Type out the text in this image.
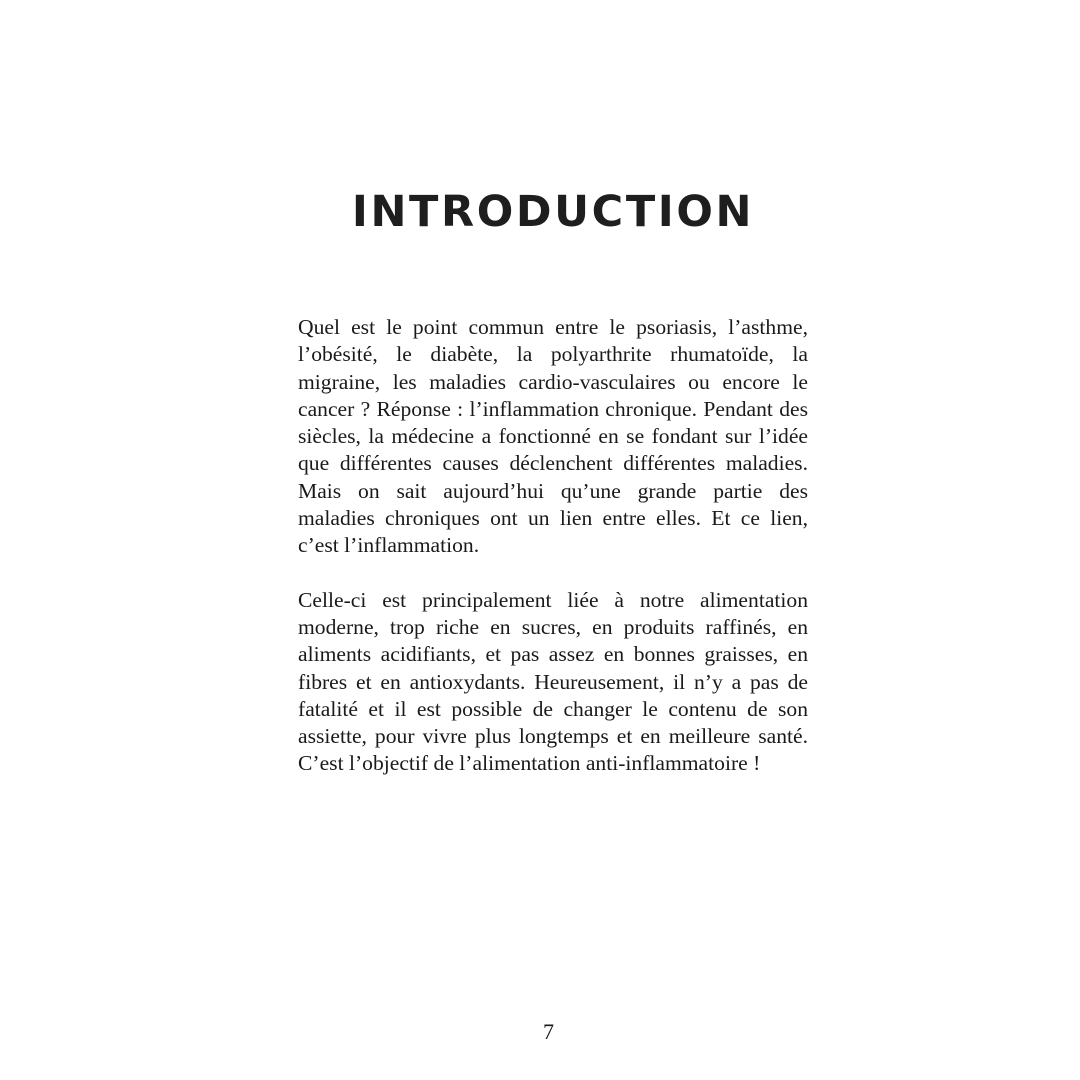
INTRODUCTION

Quel est le point commun entre le psoriasis, l’asthme, l’obésité, le diabète, la polyarthrite rhumatoïde, la migraine, les maladies cardio-vasculaires ou encore le cancer ? Réponse : l’inflammation chronique. Pendant des siècles, la médecine a fonctionné en se fondant sur l’idée que différentes causes déclenchent différentes maladies. Mais on sait aujourd’hui qu’une grande partie des maladies chroniques ont un lien entre elles. Et ce lien, c’est l’inflammation.

Celle-ci est principalement liée à notre alimentation moderne, trop riche en sucres, en produits raffinés, en aliments acidifiants, et pas assez en bonnes graisses, en fibres et en antioxydants. Heureusement, il n’y a pas de fatalité et il est possible de changer le contenu de son assiette, pour vivre plus longtemps et en meilleure santé. C’est l’objectif de l’alimentation anti-inflammatoire !

7
